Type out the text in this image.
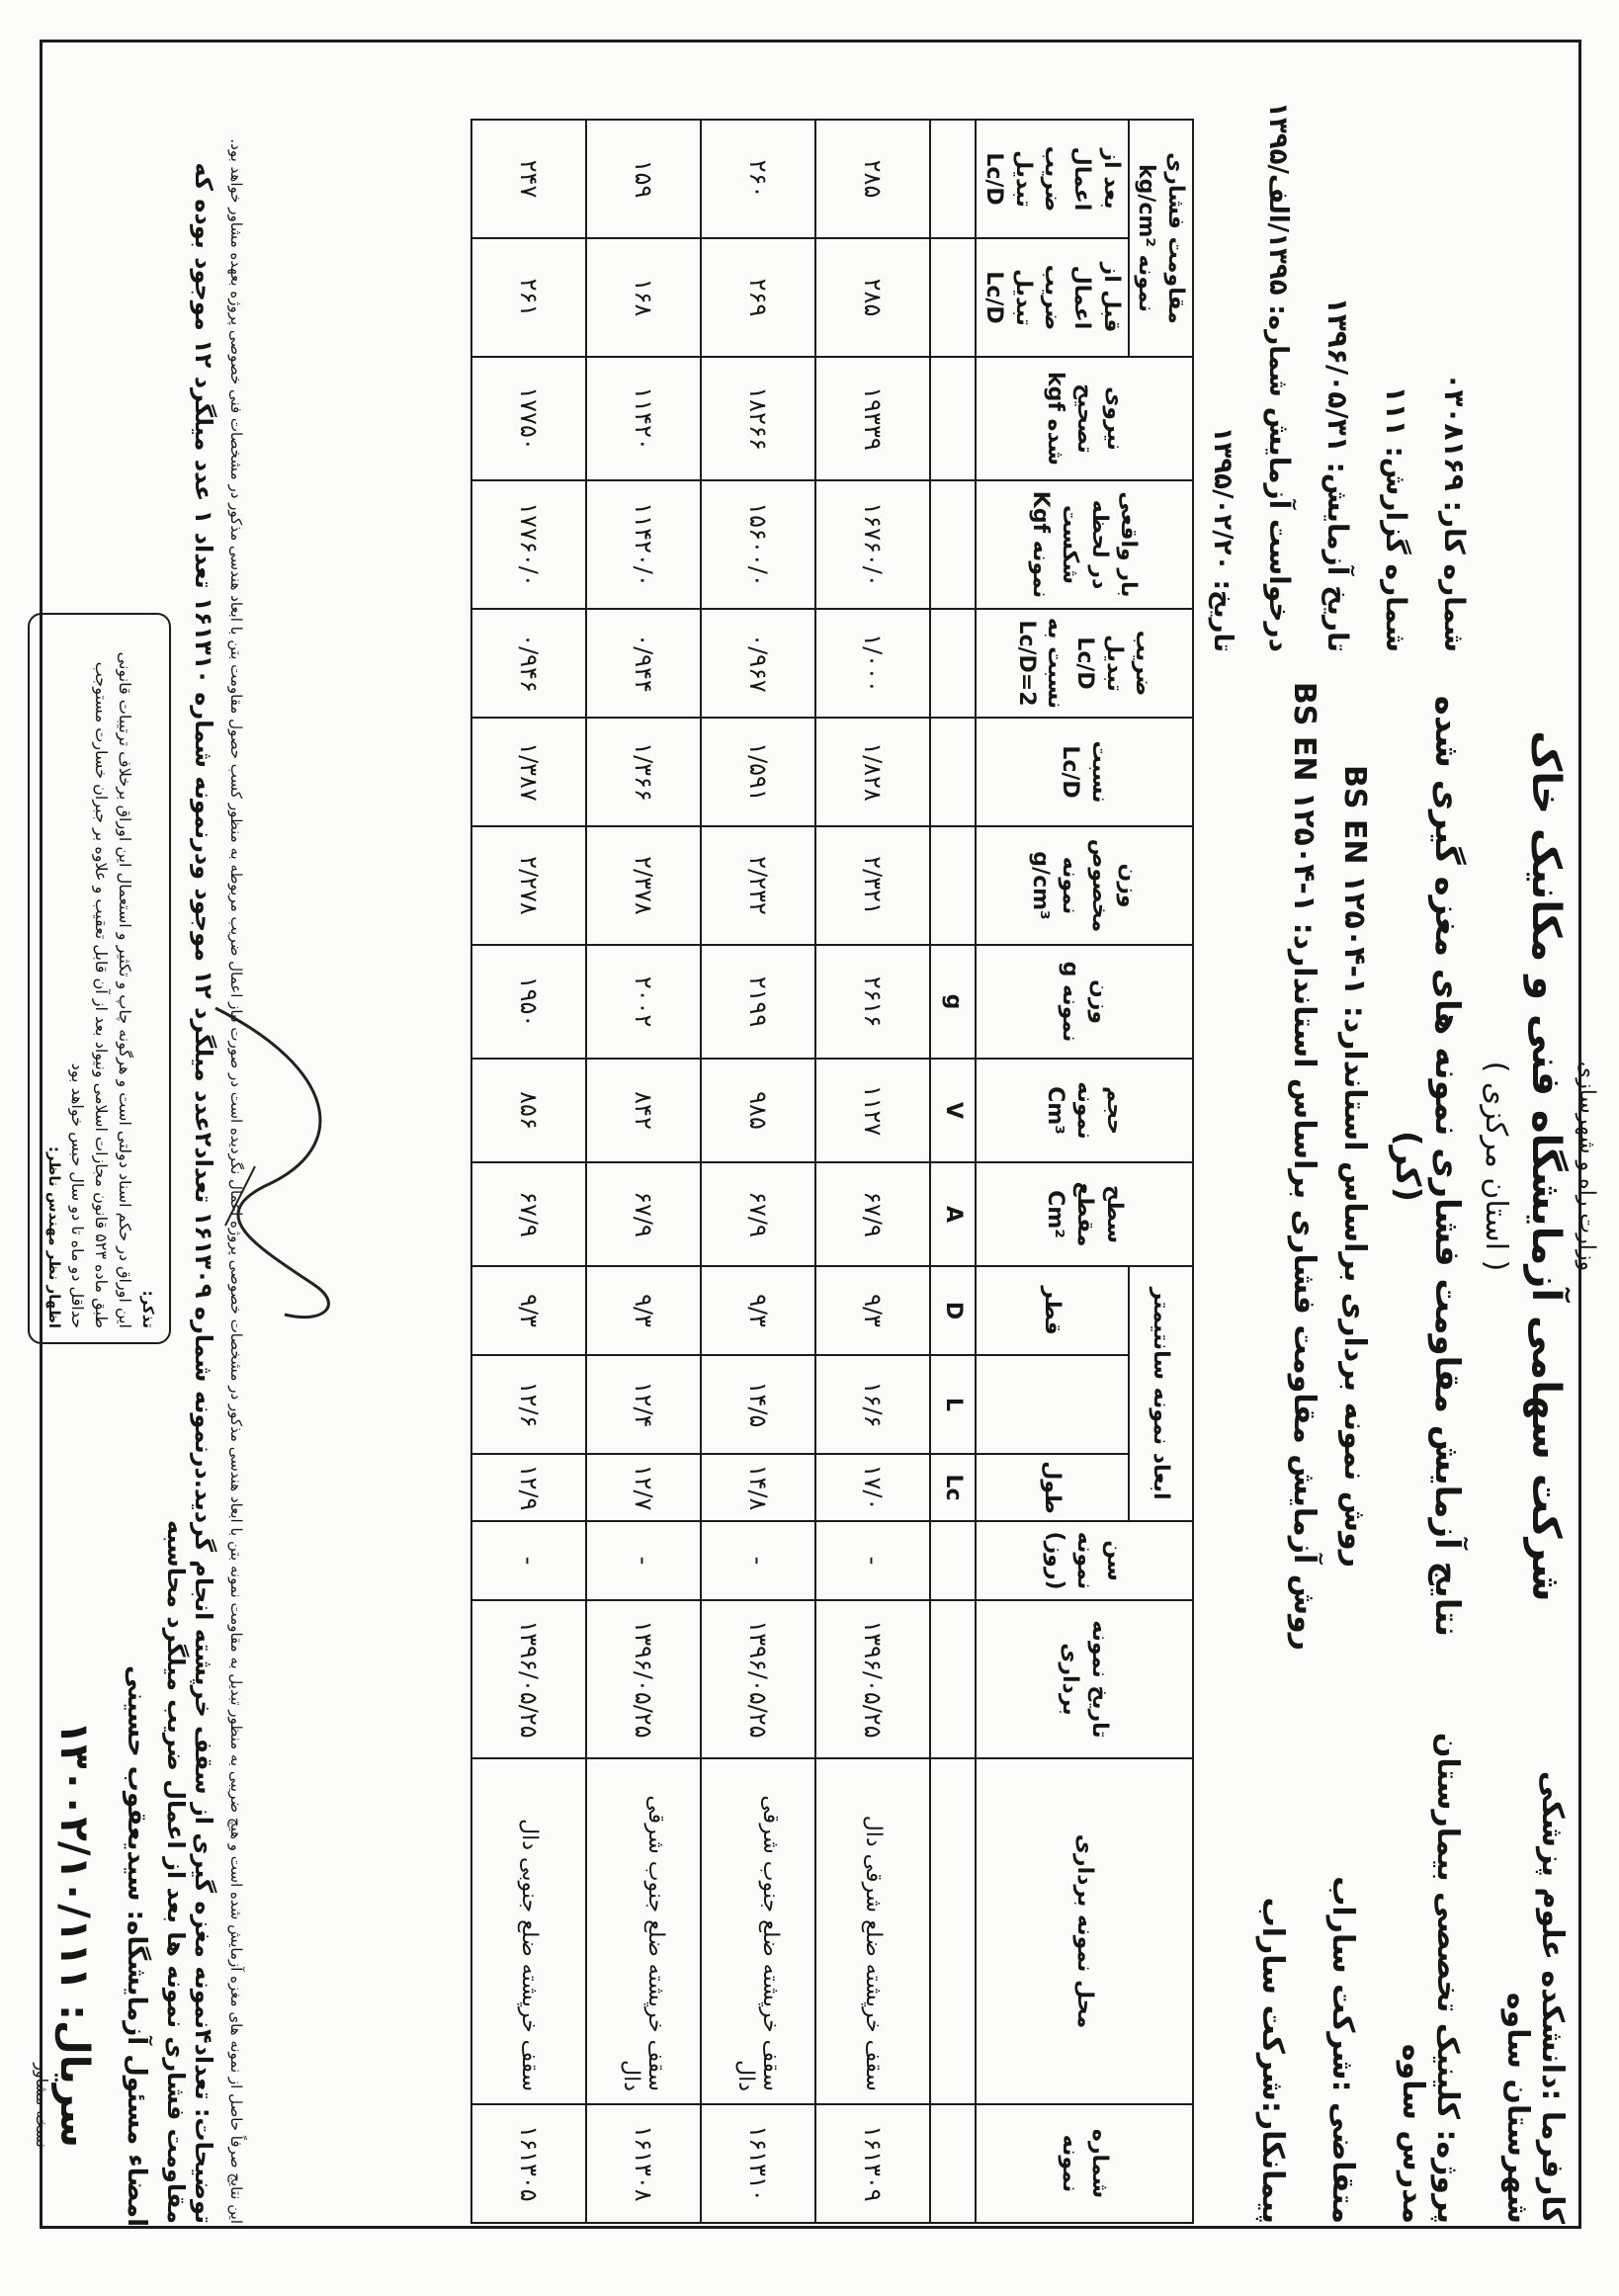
کارفرما :دانشکده علوم پزشکی شهرستان ساوه
پروژه: کلینیک تخصصی بیمارستان مدرس ساوه
متقاضی :شرکت ساراب
پیمانکار:شرکت ساراب
وزارت راه و شهرسازی
شرکت سهامی آزمایشگاه فنی و مکانیک خاک
( استان مرکزی )
نتایج آزمایش مقاومت فشاری نمونه های مغزه گیری شده (کر)
روش نمونه برداری براساس استاندارد: BS EN ۱۲۵۰۴-۱
روش آزمایش مقاومت فشاری براساس استاندارد: BS EN ۱۲۵۰۴-۱
شماره کار: ۰۳۰۸۱۶۹
شماره گزارش: ۱۱۱
تاریخ آزمایش: ۱۳۹۶/۰۵/۳۱
درخواست آزمایش شماره: ۱۳۹۵/الف/۱۳۹۵
تاریخ: ۱۳۹۵/۰۲/۲۰
شماره نمونه	محل نمونه برداری	تاریخ نمونه برداری	سن نمونه (روز)	ابعاد نمونه سانتیمتر			سطح مقطع Cm²	حجم نمونه Cm³	وزن نمونه g	وزن مخصوص نمونه g/cm³	نسبت Lc/D	ضریب تبدیل Lc/D نسبت به Lc/D=2	بار واقعی در لحظه شکست نمونه Kgf	نیروی تصحیح شده kgf	مقاومت فشاری نمونه kg/cm²	
				طول		قطر									قبل از اعمال ضریب تبدیل Lc/D	بعد از اعمال ضریب تبدیل Lc/D
				Lc	L	D	A	V	g							
۱۶۱۳۰۹	سقف خرپشته ضلع شرقی دال	۱۳۹۶/۰۵/۲۵	-	۱۷/۰	۱۶/۶	۹/۳	۶۷/۹	۱۱۲۷	۲۶۱۶	۲/۳۲۱	۱/۸۲۸	۱/۰۰۰	۱۶۷۶۰/۰	۱۹۳۳۹	۲۸۵	۲۸۵
۱۶۱۳۱۰	سقف خرپشته ضلع جنوب شرقی دال	۱۳۹۶/۰۵/۲۵	-	۱۴/۸	۱۴/۵	۹/۳	۶۷/۹	۹۸۵	۲۱۹۹	۲/۲۳۲	۱/۵۹۱	۰/۹۶۷	۱۵۶۰۰/۰	۱۸۲۶۶	۲۶۹	۲۶۰
۱۶۱۳۰۸	سقف خرپشته ضلع جنوب شرقی دال	۱۳۹۶/۰۵/۲۵	-	۱۲/۷	۱۲/۴	۹/۳	۶۷/۹	۸۴۲	۲۰۰۲	۲/۳۷۸	۱/۳۶۶	۰/۹۴۴	۱۱۴۲۰/۰	۱۱۴۲۰	۱۶۸	۱۵۹
۱۶۱۳۰۵	سقف خرپشته ضلع جنوبی دال	۱۳۹۶/۰۵/۲۵	-	۱۲/۹	۱۲/۶	۹/۳	۶۷/۹	۸۵۶	۱۹۵۰	۲/۲۷۸	۱/۳۸۷	۰/۹۴۶	۱۷۷۶۰/۰	۱۷۷۵۰	۲۶۱	۲۴۷
این نتایج صرفاً حاصل از نمونه های مغزه آزمایش شده است و هیچ ضریبی به منظور تبدیل به مقاومت نمونه بتن با ابعاد هندسی مذکور در مشخصات خصوصی پروژه اعمال نگردیده است در صورت نیاز اعمال ضریب مربوطه به منظور کسب حصول مقاومت بتن با ابعاد هندسی مذکور در مشخصات فنی خصوصی پروژه بعهده مشاور خواهد بود.
توضیحات: تعداد۴نمونه مغزه گیری از سقف خرپشته انجام گردید.درنمونه شماره ۱۶۱۳۰۹ تعداد۲عدد میلگرد ۱۲ موجود ودرنمونه شماره ۱۶۱۳۱۰ تعداد ۱ عدد میلگرد ۱۲ موجود بوده که مقاومت فشاری نمونه ها بعد از اعمال ضریب میلگرد محاسبه
امضاء مسئول آزمایشگاه: سیدیعقوب حسینی
سریال: ۱۳۰۰۲/۱۰/۱۱۱
نسخه مشاور
تذکر:
این اوراق در حکم اسناد دولتی است و هرگونه چاپ و تکثیر و استعمال این اوراق برخلاف ترتیبات قانونی طبق ماده ۵۲۳ قانون مجازات اسلامی ونیواد بعد از آن قابل تعقیب و علاوه بر جبران خسارت مستوجب حداقل دو ماه تا دو سال حبس خواهد بود
اظهار نظر مهندس ناظر:
